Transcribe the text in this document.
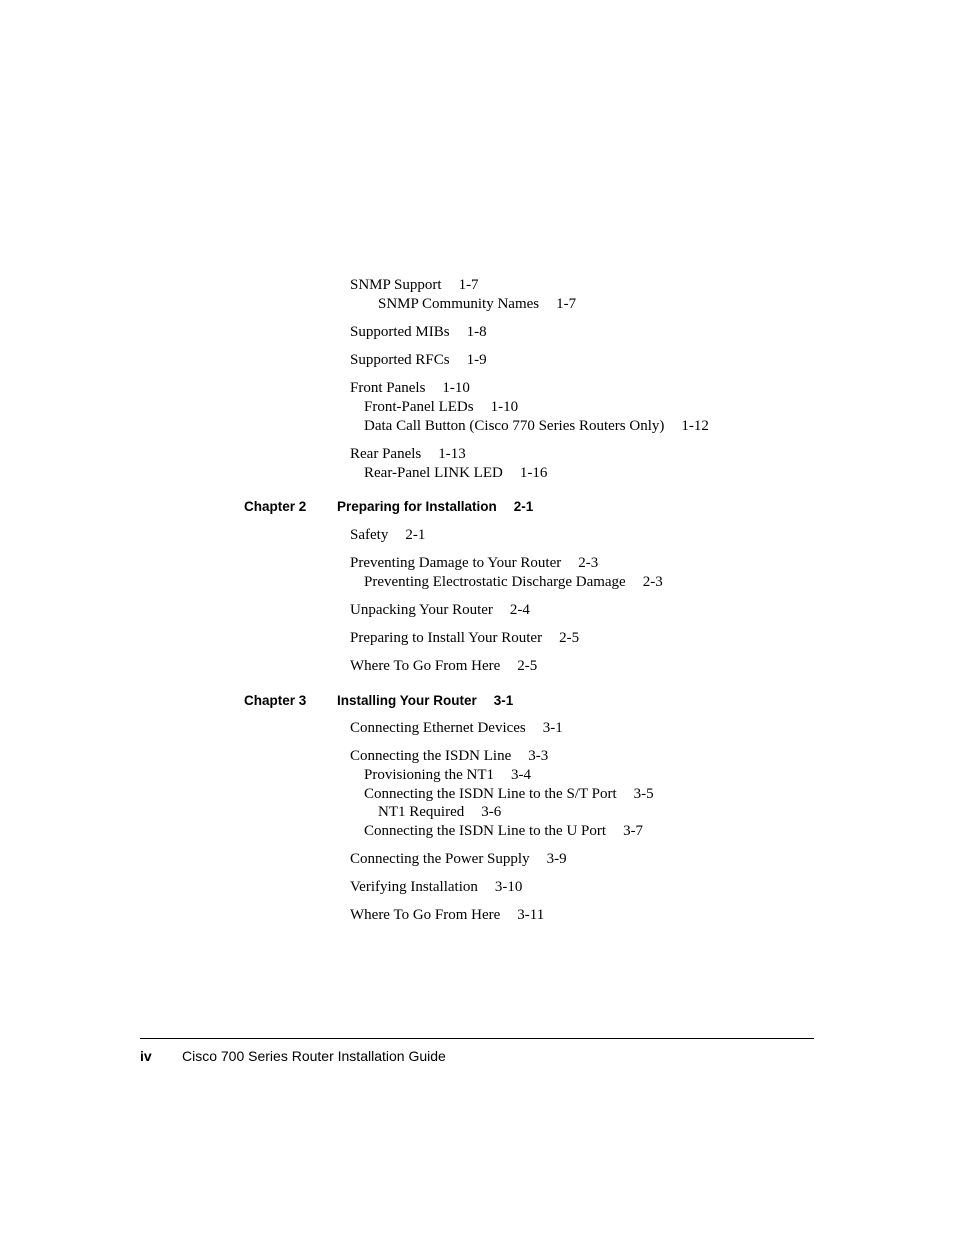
SNMP Support 1-7
SNMP Community Names 1-7
Supported MIBs 1-8
Supported RFCs 1-9
Front Panels 1-10
Front-Panel LEDs 1-10
Data Call Button (Cisco 770 Series Routers Only) 1-12
Rear Panels 1-13
Rear-Panel LINK LED 1-16
Chapter 2 Preparing for Installation 2-1
Safety 2-1
Preventing Damage to Your Router 2-3
Preventing Electrostatic Discharge Damage 2-3
Unpacking Your Router 2-4
Preparing to Install Your Router 2-5
Where To Go From Here 2-5
Chapter 3 Installing Your Router 3-1
Connecting Ethernet Devices 3-1
Connecting the ISDN Line 3-3
Provisioning the NT1 3-4
Connecting the ISDN Line to the S/T Port 3-5
NT1 Required 3-6
Connecting the ISDN Line to the U Port 3-7
Connecting the Power Supply 3-9
Verifying Installation 3-10
Where To Go From Here 3-11
iv Cisco 700 Series Router Installation Guide
